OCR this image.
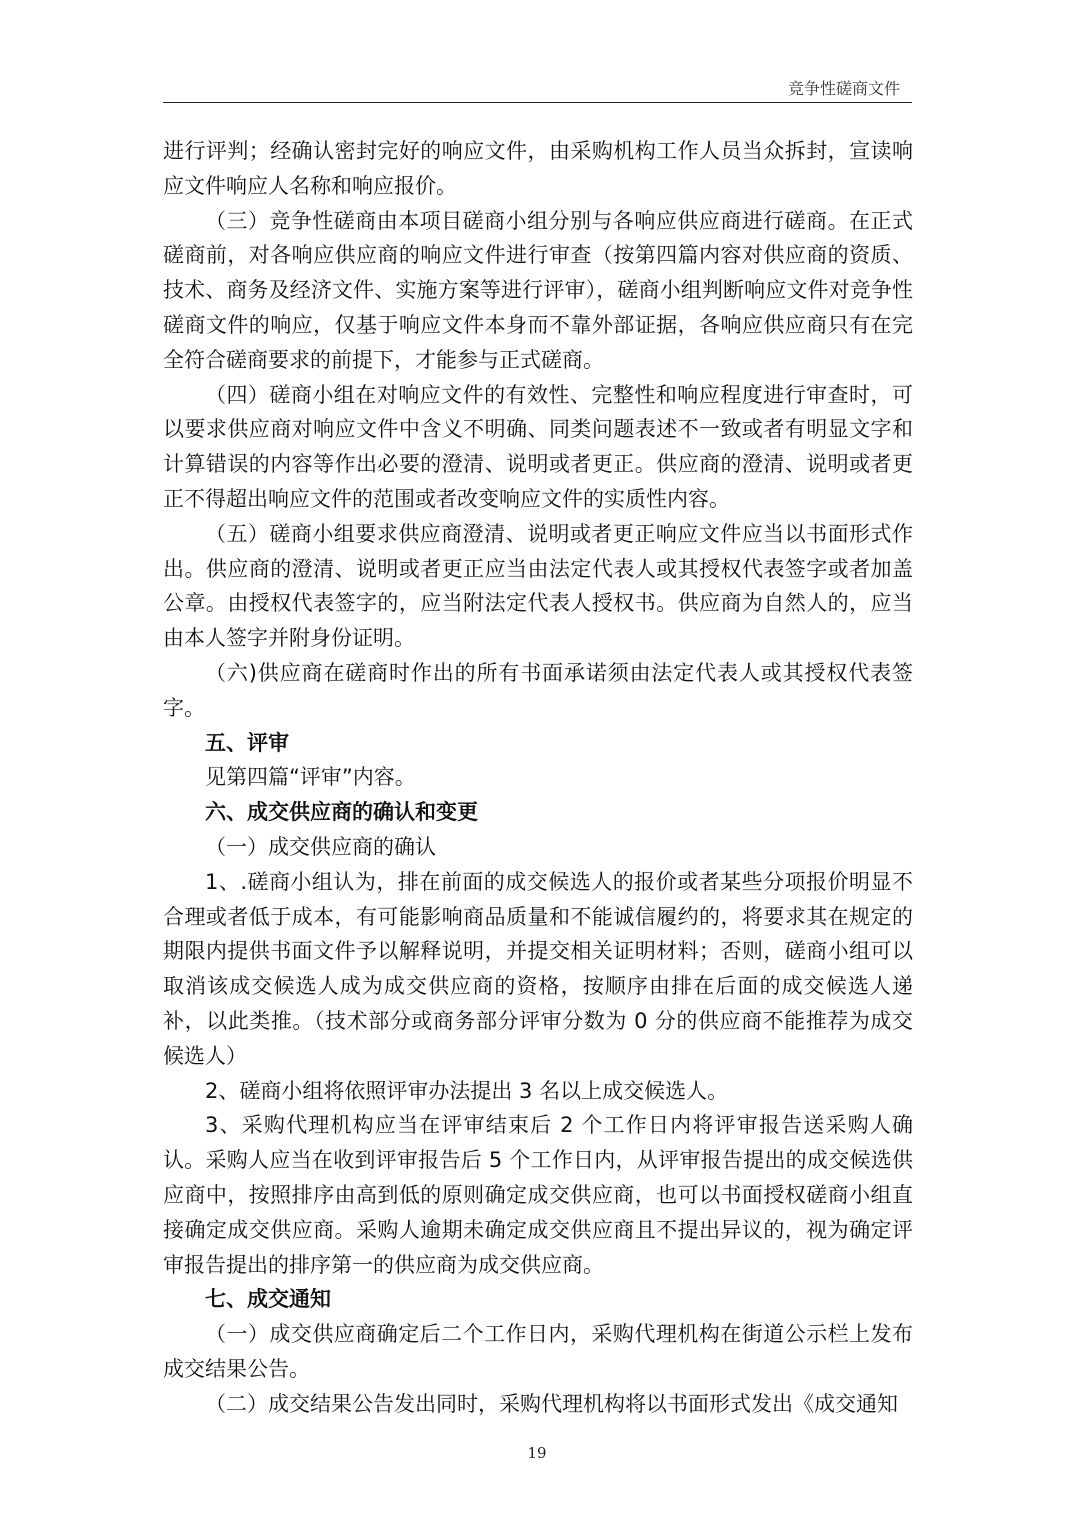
竞争性磋商文件

进行评判；经确认密封完好的响应文件，由采购机构工作人员当众拆封，宣读响应文件响应人名称和响应报价。

（三）竞争性磋商由本项目磋商小组分别与各响应供应商进行磋商。在正式磋商前，对各响应供应商的响应文件进行审查（按第四篇内容对供应商的资质、技术、商务及经济文件、实施方案等进行评审），磋商小组判断响应文件对竞争性磋商文件的响应，仅基于响应文件本身而不靠外部证据，各响应供应商只有在完全符合磋商要求的前提下，才能参与正式磋商。

（四）磋商小组在对响应文件的有效性、完整性和响应程度进行审查时，可以要求供应商对响应文件中含义不明确、同类问题表述不一致或者有明显文字和计算错误的内容等作出必要的澄清、说明或者更正。供应商的澄清、说明或者更正不得超出响应文件的范围或者改变响应文件的实质性内容。

（五）磋商小组要求供应商澄清、说明或者更正响应文件应当以书面形式作出。供应商的澄清、说明或者更正应当由法定代表人或其授权代表签字或者加盖公章。由授权代表签字的，应当附法定代表人授权书。供应商为自然人的，应当由本人签字并附身份证明。

（六)供应商在磋商时作出的所有书面承诺须由法定代表人或其授权代表签字。

五、评审

见第四篇“评审”内容。

六、成交供应商的确认和变更

（一）成交供应商的确认

1、.磋商小组认为，排在前面的成交候选人的报价或者某些分项报价明显不合理或者低于成本，有可能影响商品质量和不能诚信履约的，将要求其在规定的期限内提供书面文件予以解释说明，并提交相关证明材料；否则，磋商小组可以取消该成交候选人成为成交供应商的资格，按顺序由排在后面的成交候选人递补，以此类推。（技术部分或商务部分评审分数为 0 分的供应商不能推荐为成交候选人）

2、磋商小组将依照评审办法提出 3 名以上成交候选人。

3、采购代理机构应当在评审结束后 2 个工作日内将评审报告送采购人确认。采购人应当在收到评审报告后 5 个工作日内，从评审报告提出的成交候选供应商中，按照排序由高到低的原则确定成交供应商，也可以书面授权磋商小组直接确定成交供应商。采购人逾期未确定成交供应商且不提出异议的，视为确定评审报告提出的排序第一的供应商为成交供应商。

七、成交通知

（一）成交供应商确定后二个工作日内，采购代理机构在街道公示栏上发布成交结果公告。

（二）成交结果公告发出同时，采购代理机构将以书面形式发出《成交通知

19
